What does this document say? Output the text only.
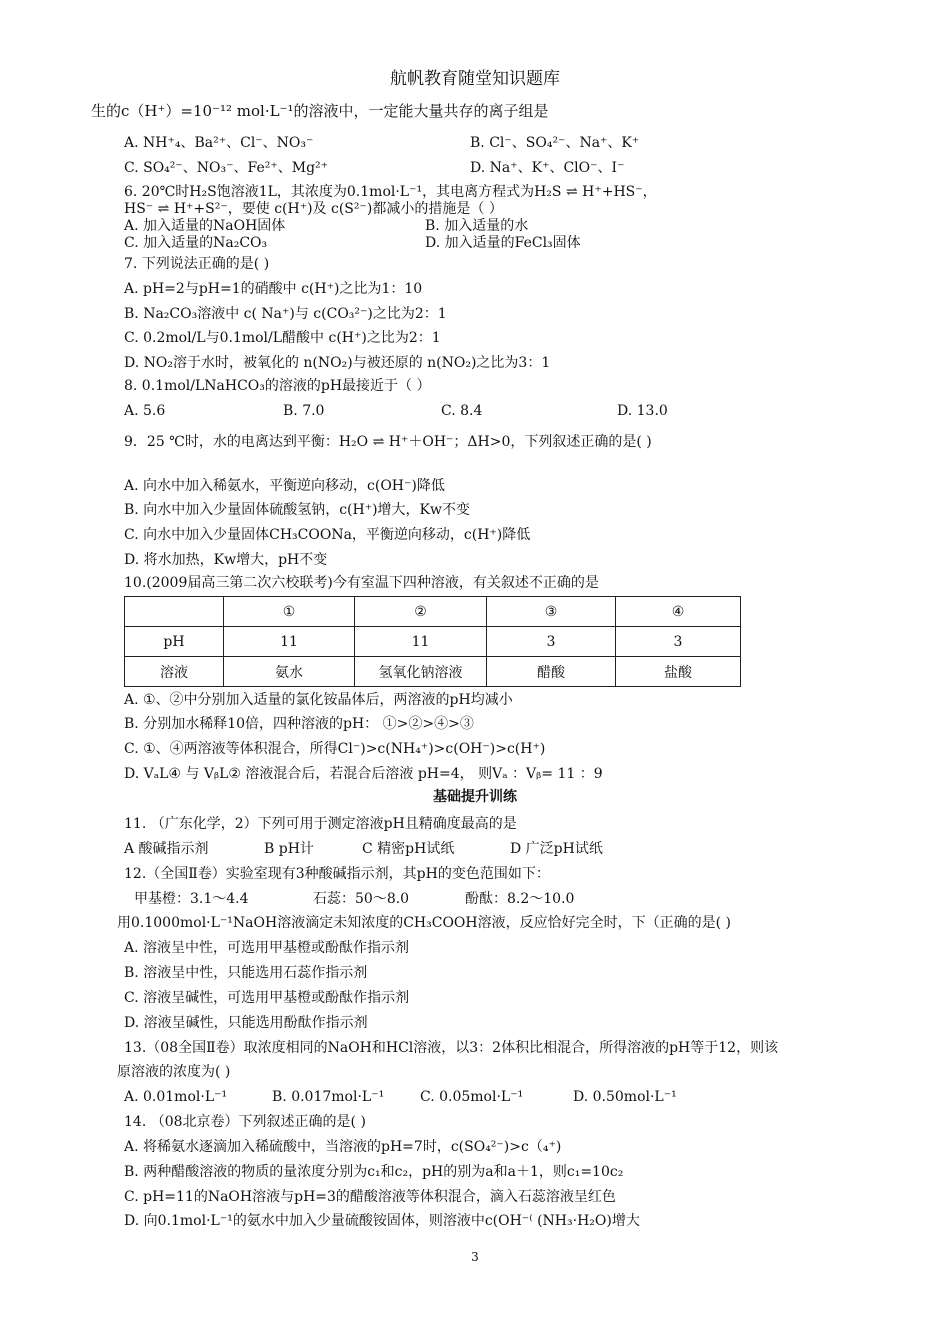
航帆教育随堂知识题库
生的c（H⁺）=10⁻¹² mol·L⁻¹的溶液中，一定能大量共存的离子组是
A. NH⁺₄、Ba²⁺、Cl⁻、NO₃⁻	B. Cl⁻、SO₄²⁻、Na⁺、K⁺
C. SO₄²⁻、NO₃⁻、Fe²⁺、Mg²⁺	D. Na⁺、K⁺、ClO⁻、I⁻
6. 20℃时H₂S饱溶液1L，其浓度为0.1mol·L⁻¹，其电离方程式为H₂S ⇌ H⁺+HS⁻，
HS⁻ ⇌ H⁺+S²⁻，要使 c(H⁺)及 c(S²⁻)都减小的措施是（ ）
A. 加入适量的NaOH固体	B. 加入适量的水
C. 加入适量的Na₂CO₃	D. 加入适量的FeCl₃固体
7. 下列说法正确的是( )
A. pH=2与pH=1的硝酸中 c(H⁺)之比为1：10
B. Na₂CO₃溶液中 c( Na⁺)与 c(CO₃²⁻)之比为2：1
C. 0.2mol/L与0.1mol/L醋酸中 c(H⁺)之比为2：1
D. NO₂溶于水时，被氧化的 n(NO₂)与被还原的 n(NO₂)之比为3：1
8. 0.1mol/LNaHCO₃的溶液的pH最接近于（ ）
A. 5.6	B. 7.0	C. 8.4	D. 13.0
9．25 ℃时，水的电离达到平衡：H₂O ⇌ H⁺＋OH⁻；ΔH>0，下列叙述正确的是( )
A. 向水中加入稀氨水，平衡逆向移动，c(OH⁻)降低
B. 向水中加入少量固体硫酸氢钠，c(H⁺)增大，Kw不变
C. 向水中加入少量固体CH₃COONa，平衡逆向移动，c(H⁺)降低
D. 将水加热，Kw增大，pH不变
10.(2009届高三第二次六校联考)今有室温下四种溶液，有关叙述不正确的是
	①	②	③	④
pH	11	11	3	3
溶液	氨水	氢氧化钠溶液	醋酸	盐酸
A. ①、②中分别加入适量的氯化铵晶体后，两溶液的pH均减小
B. 分别加水稀释10倍，四种溶液的pH： ①>②>④>③
C. ①、④两溶液等体积混合，所得Cl⁻)>c(NH₄⁺)>c(OH⁻)>c(H⁺)
D. VₐL④ 与 VᵦL② 溶液混合后，若混合后溶液 pH=4， 则Vₐ ：Vᵦ= 11 ：9
基础提升训练
11. （广东化学，2）下列可用于测定溶液pH且精确度最高的是
A 酸碱指示剂	B pH计	C 精密pH试纸	D 广泛pH试纸
12.（全国Ⅱ卷）实验室现有3种酸碱指示剂，其pH的变色范围如下：
甲基橙：3.1～4.4	石蕊：50～8.0	酚酞：8.2～10.0
用0.1000mol·L⁻¹NaOH溶液滴定未知浓度的CH₃COOH溶液，反应恰好完全时，下（正确的是( )
A. 溶液呈中性，可选用甲基橙或酚酞作指示剂
B. 溶液呈中性，只能选用石蕊作指示剂
C. 溶液呈碱性，可选用甲基橙或酚酞作指示剂
D. 溶液呈碱性，只能选用酚酞作指示剂
13.（08全国Ⅱ卷）取浓度相同的NaOH和HCl溶液，以3：2体积比相混合，所得溶液的pH等于12，则该
原溶液的浓度为( )
A. 0.01mol·L⁻¹	B. 0.017mol·L⁻¹	C. 0.05mol·L⁻¹	D. 0.50mol·L⁻¹
14. （08北京卷）下列叙述正确的是( )
A. 将稀氨水逐滴加入稀硫酸中，当溶液的pH=7时，c(SO₄²⁻)>c（₄⁺)
B. 两种醋酸溶液的物质的量浓度分别为c₁和c₂，pH的别为a和a＋1，则c₁=10c₂
C. pH=11的NaOH溶液与pH=3的醋酸溶液等体积混合，滴入石蕊溶液呈红色
D. 向0.1mol·L⁻¹的氨水中加入少量硫酸铵固体，则溶液中c(OH⁻⁽ (NH₃·H₂O)增大
3
